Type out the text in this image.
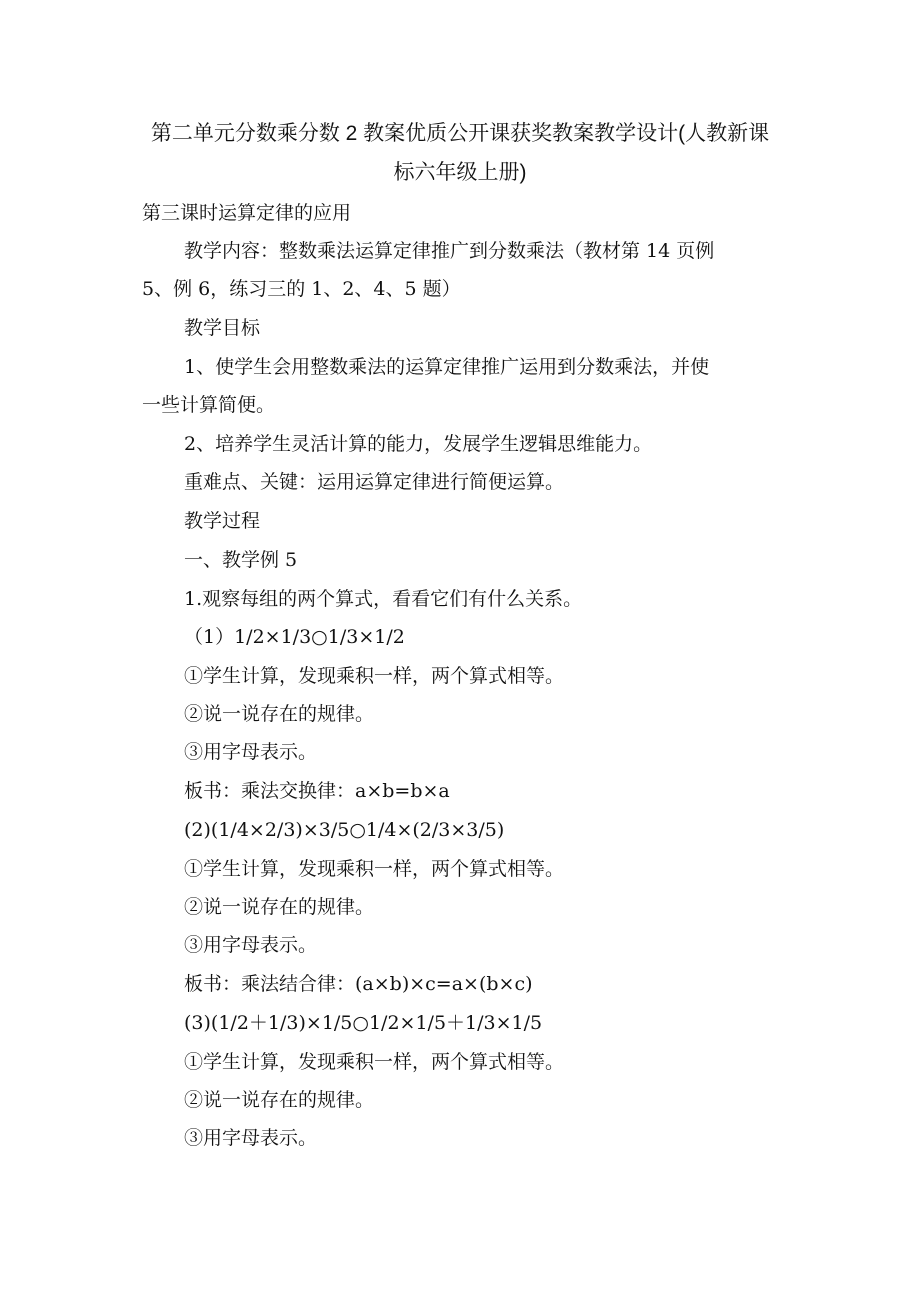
第二单元分数乘分数 2 教案优质公开课获奖教案教学设计(人教新课
标六年级上册)
第三课时运算定律的应用
教学内容：整数乘法运算定律推广到分数乘法（教材第 14 页例
5、例 6，练习三的 1、2、4、5 题）
教学目标
1、使学生会用整数乘法的运算定律推广运用到分数乘法，并使
一些计算简便。
2、培养学生灵活计算的能力，发展学生逻辑思维能力。
重难点、关键：运用运算定律进行简便运算。
教学过程
一、教学例 5
1.观察每组的两个算式，看看它们有什么关系。
（1）1/2×1/3○1/3×1/2
①学生计算，发现乘积一样，两个算式相等。
②说一说存在的规律。
③用字母表示。
板书：乘法交换律：a×b=b×a
(2)(1/4×2/3)×3/5○1/4×(2/3×3/5)
①学生计算，发现乘积一样，两个算式相等。
②说一说存在的规律。
③用字母表示。
板书：乘法结合律：(a×b)×c=a×(b×c)
(3)(1/2＋1/3)×1/5○1/2×1/5＋1/3×1/5
①学生计算，发现乘积一样，两个算式相等。
②说一说存在的规律。
③用字母表示。
